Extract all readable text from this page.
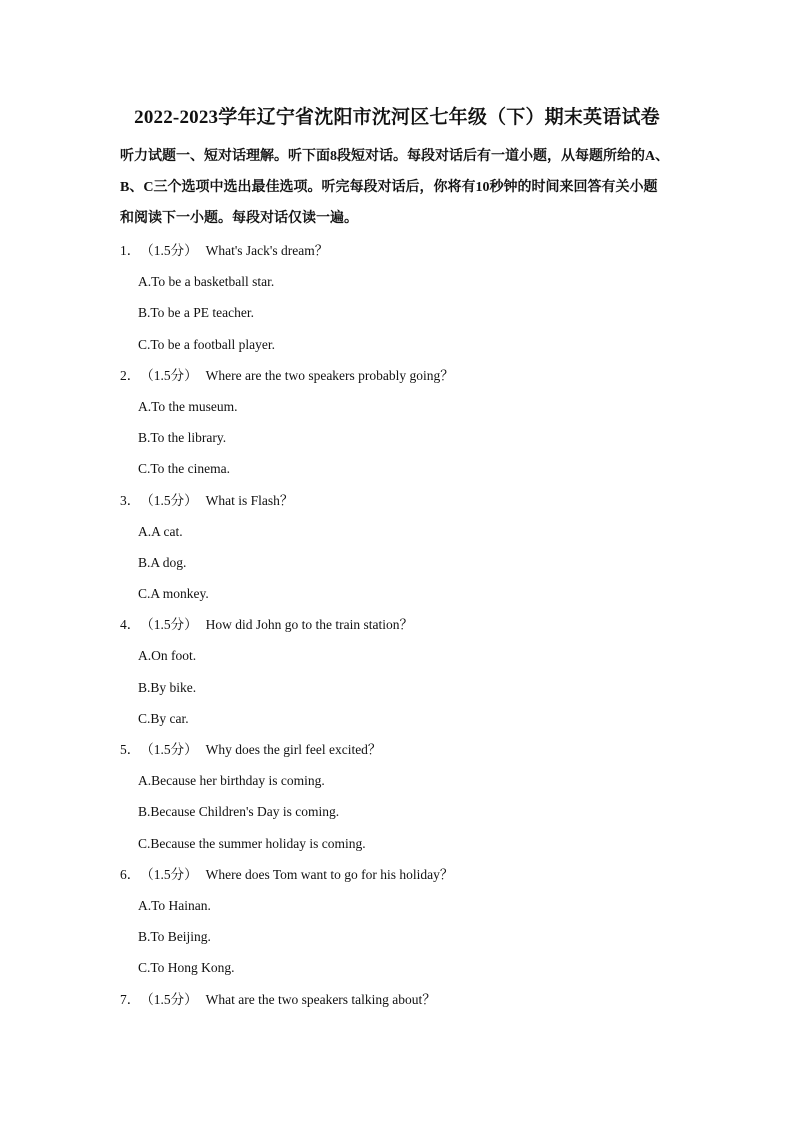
2022-2023学年辽宁省沈阳市沈河区七年级（下）期末英语试卷
听力试题一、短对话理解。听下面8段短对话。每段对话后有一道小题，从每题所给的A、
B、C三个选项中选出最佳选项。听完每段对话后，你将有10秒钟的时间来回答有关小题
和阅读下一小题。每段对话仅读一遍。
1．（1.5分） What's Jack's dream？
A.To be a basketball star.
B.To be a PE teacher.
C.To be a football player.
2．（1.5分） Where are the two speakers probably going？
A.To the museum.
B.To the library.
C.To the cinema.
3．（1.5分） What is Flash？
A.A cat.
B.A dog.
C.A monkey.
4．（1.5分） How did John go to the train station？
A.On foot.
B.By bike.
C.By car.
5．（1.5分） Why does the girl feel excited？
A.Because her birthday is coming.
B.Because Children's Day is coming.
C.Because the summer holiday is coming.
6．（1.5分） Where does Tom want to go for his holiday？
A.To Hainan.
B.To Beijing.
C.To Hong Kong.
7．（1.5分） What are the two speakers talking about？
